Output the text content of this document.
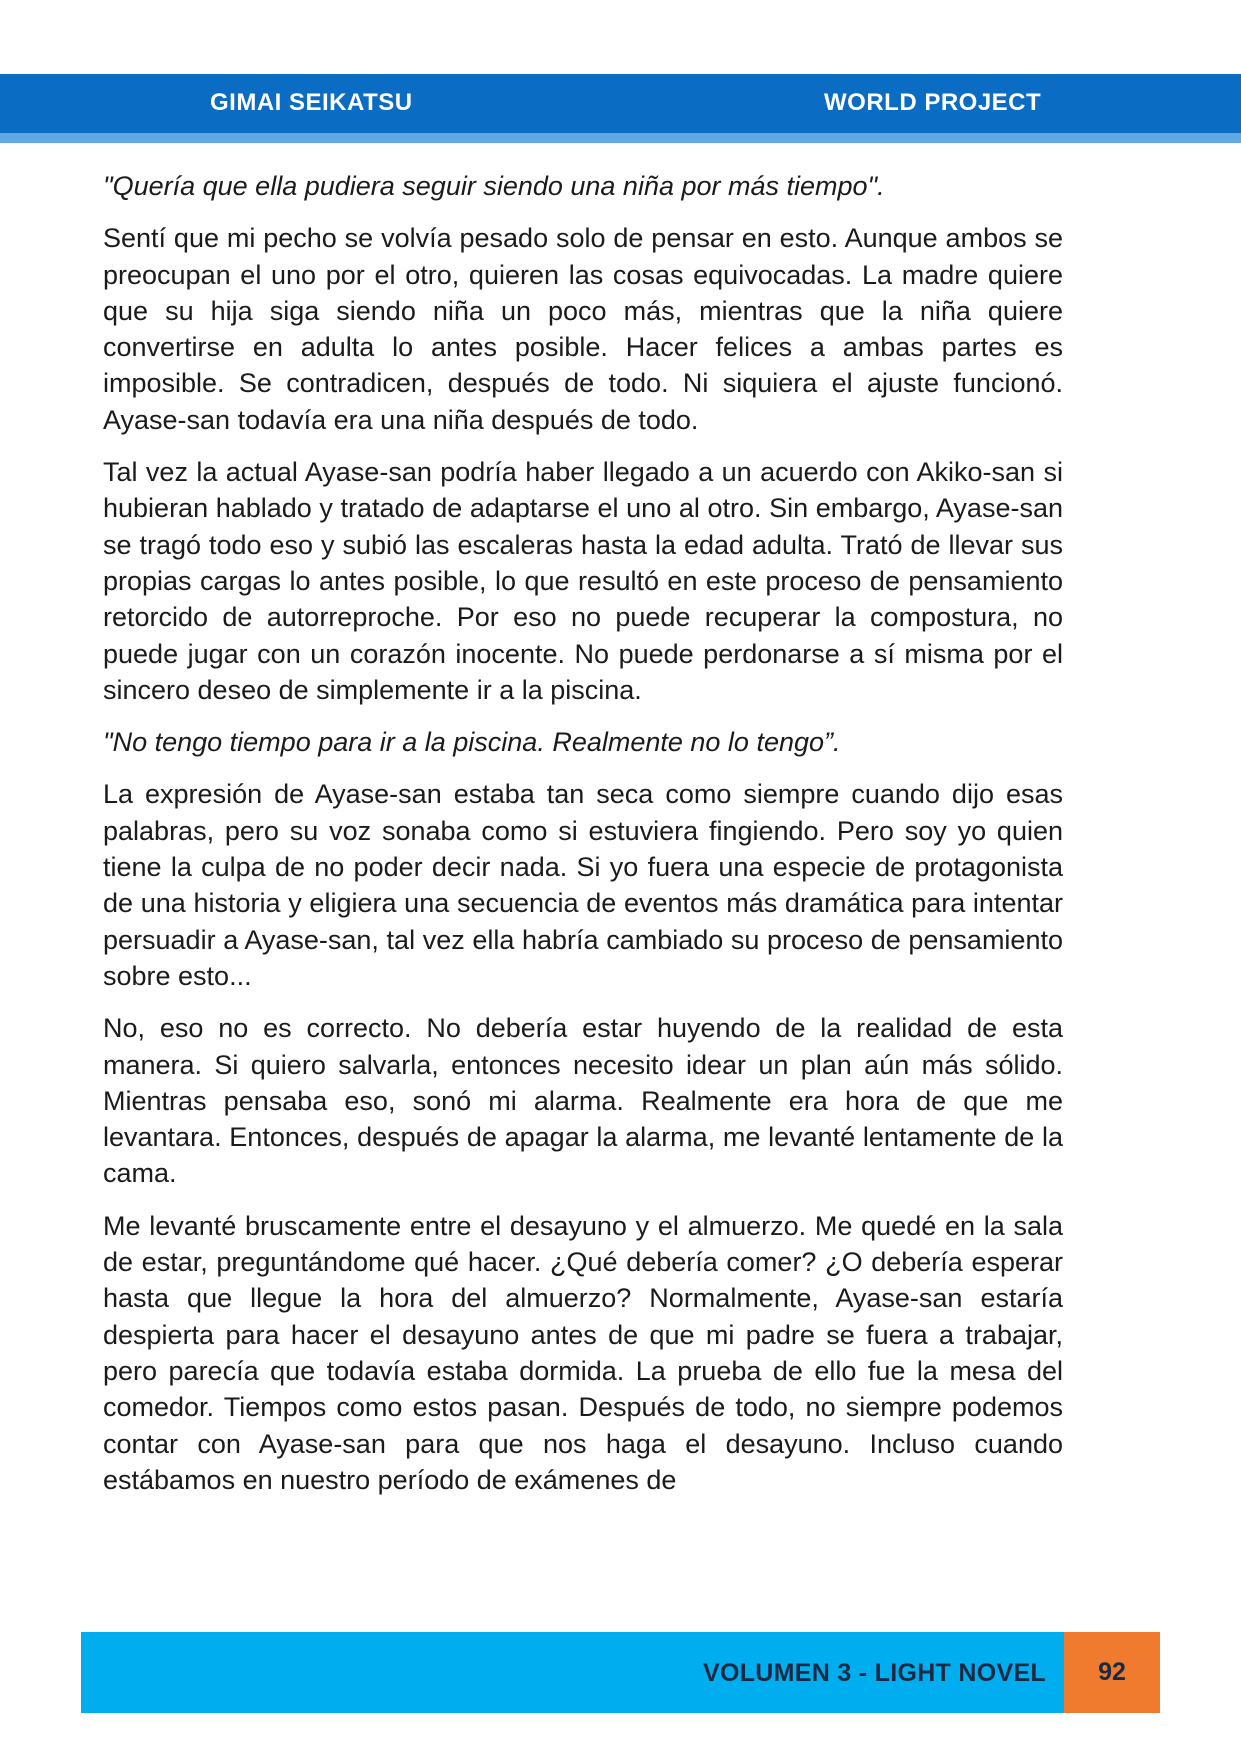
GIMAI SEIKATSU	WORLD PROJECT

"Quería que ella pudiera seguir siendo una niña por más tiempo".

Sentí que mi pecho se volvía pesado solo de pensar en esto. Aunque ambos se preocupan el uno por el otro, quieren las cosas equivocadas. La madre quiere que su hija siga siendo niña un poco más, mientras que la niña quiere convertirse en adulta lo antes posible. Hacer felices a ambas partes es imposible. Se contradicen, después de todo. Ni siquiera el ajuste funcionó. Ayase-san todavía era una niña después de todo.

Tal vez la actual Ayase-san podría haber llegado a un acuerdo con Akiko-san si hubieran hablado y tratado de adaptarse el uno al otro. Sin embargo, Ayase-san se tragó todo eso y subió las escaleras hasta la edad adulta. Trató de llevar sus propias cargas lo antes posible, lo que resultó en este proceso de pensamiento retorcido de autorreproche. Por eso no puede recuperar la compostura, no puede jugar con un corazón inocente. No puede perdonarse a sí misma por el sincero deseo de simplemente ir a la piscina.

"No tengo tiempo para ir a la piscina. Realmente no lo tengo”.

La expresión de Ayase-san estaba tan seca como siempre cuando dijo esas palabras, pero su voz sonaba como si estuviera fingiendo. Pero soy yo quien tiene la culpa de no poder decir nada. Si yo fuera una especie de protagonista de una historia y eligiera una secuencia de eventos más dramática para intentar persuadir a Ayase-san, tal vez ella habría cambiado su proceso de pensamiento sobre esto...

No, eso no es correcto. No debería estar huyendo de la realidad de esta manera. Si quiero salvarla, entonces necesito idear un plan aún más sólido. Mientras pensaba eso, sonó mi alarma. Realmente era hora de que me levantara. Entonces, después de apagar la alarma, me levanté lentamente de la cama.

Me levanté bruscamente entre el desayuno y el almuerzo. Me quedé en la sala de estar, preguntándome qué hacer. ¿Qué debería comer? ¿O debería esperar hasta que llegue la hora del almuerzo? Normalmente, Ayase-san estaría despierta para hacer el desayuno antes de que mi padre se fuera a trabajar, pero parecía que todavía estaba dormida. La prueba de ello fue la mesa del comedor. Tiempos como estos pasan. Después de todo, no siempre podemos contar con Ayase-san para que nos haga el desayuno. Incluso cuando estábamos en nuestro período de exámenes de

VOLUMEN 3 - LIGHT NOVEL	92
